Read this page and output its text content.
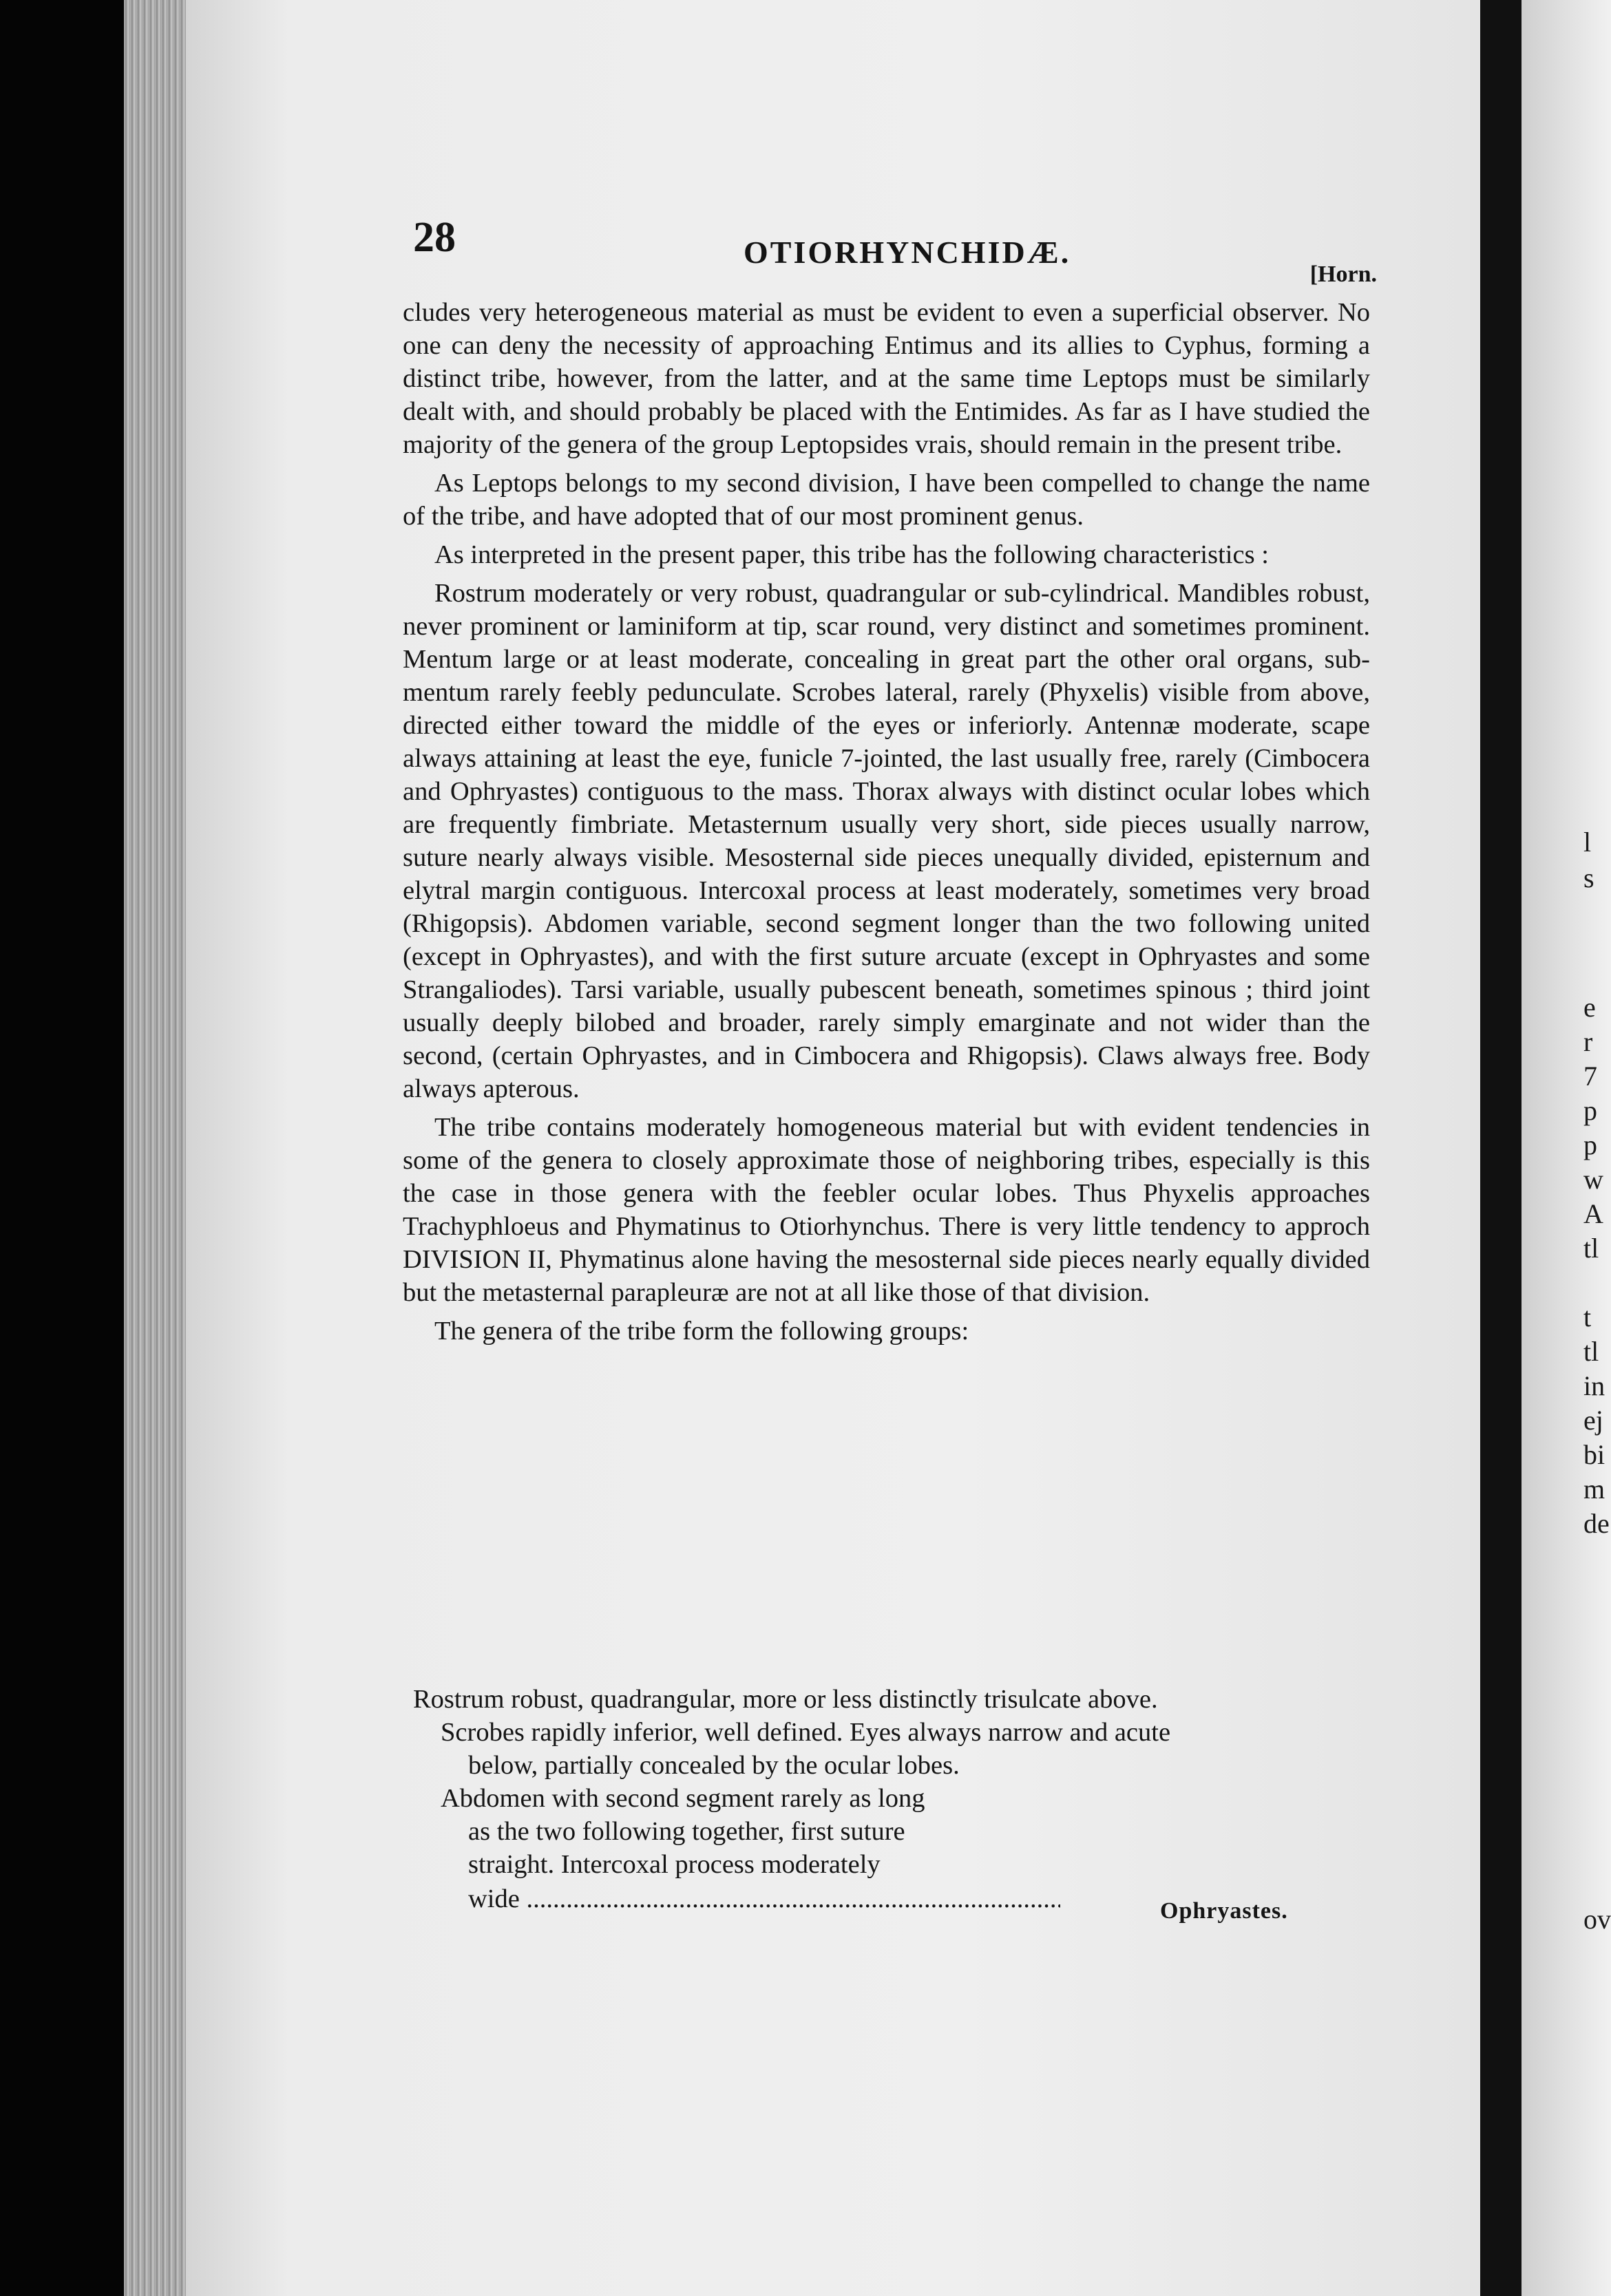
l
s
e
r
7
p
p
w
A
tl
t
tl
in
ej
bi
m
de
ov
28	OTIORHYNCHIDÆ.
[Horn.

cludes very heterogeneous material as must be evident to even a superficial observer. No one can deny the necessity of approaching Entimus and its allies to Cyphus, forming a distinct tribe, however, from the latter, and at the same time Leptops must be similarly dealt with, and should probably be placed with the Entimides. As far as I have studied the majority of the genera of the group Leptopsides vrais, should remain in the present tribe.

As Leptops belongs to my second division, I have been compelled to change the name of the tribe, and have adopted that of our most prominent genus.

As interpreted in the present paper, this tribe has the following characteristics :

Rostrum moderately or very robust, quadrangular or sub-cylindrical. Mandibles robust, never prominent or laminiform at tip, scar round, very distinct and sometimes prominent. Mentum large or at least moderate, concealing in great part the other oral organs, sub-mentum rarely feebly pedunculate. Scrobes lateral, rarely (Phyxelis) visible from above, directed either toward the middle of the eyes or inferiorly. Antennæ moderate, scape always attaining at least the eye, funicle 7-jointed, the last usually free, rarely (Cimbocera and Ophryastes) contiguous to the mass. Thorax always with distinct ocular lobes which are frequently fimbriate. Metasternum usually very short, side pieces usually narrow, suture nearly always visible. Mesosternal side pieces unequally divided, episternum and elytral margin contiguous. Intercoxal process at least moderately, sometimes very broad (Rhigopsis). Abdomen variable, second segment longer than the two following united (except in Ophryastes), and with the first suture arcuate (except in Ophryastes and some Strangaliodes). Tarsi variable, usually pubescent beneath, sometimes spinous ; third joint usually deeply bilobed and broader, rarely simply emarginate and not wider than the second, (certain Ophryastes, and in Cimbocera and Rhigopsis). Claws always free. Body always apterous.

The tribe contains moderately homogeneous material but with evident tendencies in some of the genera to closely approximate those of neighboring tribes, especially is this the case in those genera with the feebler ocular lobes. Thus Phyxelis approaches Trachyphloeus and Phymatinus to Otiorhynchus. There is very little tendency to approch DIVISION II, Phymatinus alone having the mesosternal side pieces nearly equally divided but the metasternal parapleuræ are not at all like those of that division.

The genera of the tribe form the following groups:

Rostrum robust, quadrangular, more or less distinctly trisulcate above.

Scrobes rapidly inferior, well defined. Eyes always narrow and acute

below, partially concealed by the ocular lobes.

Abdomen with second segment rarely as long

as the two following together, first suture

straight. Intercoxal process moderately

wide .....	Ophryastes.
